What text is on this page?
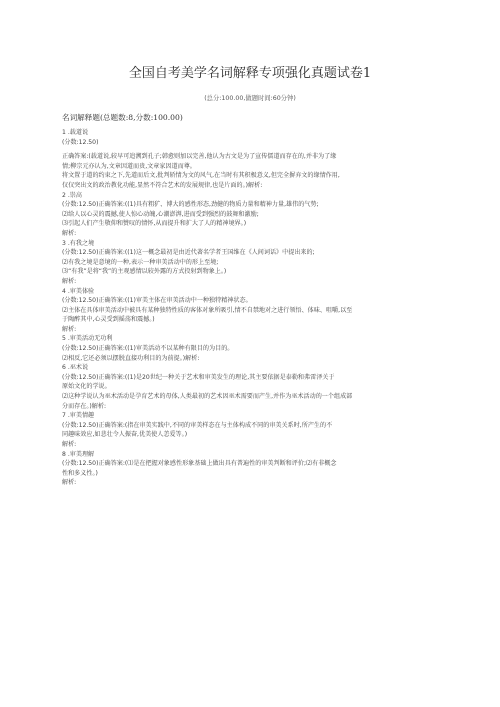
全国自考美学名词解释专项强化真题试卷1
(总分:100.00,做题时间:60分钟)
名词解释题(总题数:8,分数:100.00)

1 .载道说

(分数:12.50)

正确答案:(载道说,较早可追溯到孔子;韩愈则加以完善,他认为古文是为了宣传儒道而存在的,并非为了缘

情;柳宗元亦认为,文章因道而贵,文章家因道而尊。

将文置于道的约束之下,先道而后文,批判轿情为文的风气,在当时有其积极意义,但完全摒弃文的缘情作用,

仅仅突出文的政治教化功能,显然不符合艺术的发展规律,也是片面的。)解析:

2 .崇高

(分数:12.50)正确答案:((1)具有粗犷、博大的感性形态,劲健的物质力量和精神力量,雄伟的气势;

⑵给人以心灵的震撼,使人惊心动魄,心潮澎湃,进而受到强烈的鼓舞和激励;

⑶引起人们产生敬仰和赞叹的情怀,从而提升和扩大了人的精神境界。)

解析:

3 .有我之境

(分数:12.50)正确答案:((1)这一概念最初是由近代著名学者王国维在《人间词话》中提出来的;

⑵有我之境是意境的一种,表示一种审美活动中的形上至境;

⑶“有我”是将“我”的主观感情以较外露的方式投射到物象上。)

解析:

4 .审美体验

(分数:12.50)正确答案:((1)审美主体在审美活动中一种独特精神状态。

⑵主体在具体审美活动中被具有某种独特性质的客体对象所吸引,情不自禁地对之进行领悟、体味、咀嚼,以至

于陶醉其中,心灵受到摇荡和震撼。)

解析:

5 .审美活动无功利

(分数:12.50)正确答案:((1)审美活动不以某种有限目的为目的。

⑵相反,它还必须以摆脱直接功利目的为前提。)解析:

6 .巫术说

(分数:12.50)正确答案:((1)是20世纪一种关于艺术和审美发生的理论,其主要依据是泰勒和弗雷泽关于

原始文化的学说。

⑵这种学说认为巫术活动是孕育艺术的母体,人类最初的艺术因巫术需要而产生,并作为巫术活动的一个组成部

分而存在。)解析:

7 .审美情趣

(分数:12.50)正确答案:(指在审美实践中,不同的审美样态在与主体构成不同的审美关系时,所产生的不

同趣味效应,如悲壮令人振奋,优美使人恙爱等。)

解析:

8 .审美理解

(分数:12.50)正确答案:(⑴是在把握对象感性形象基础上做出具有普遍性的审美判断和评价;⑵有非概念

性和多义性。)

解析:
